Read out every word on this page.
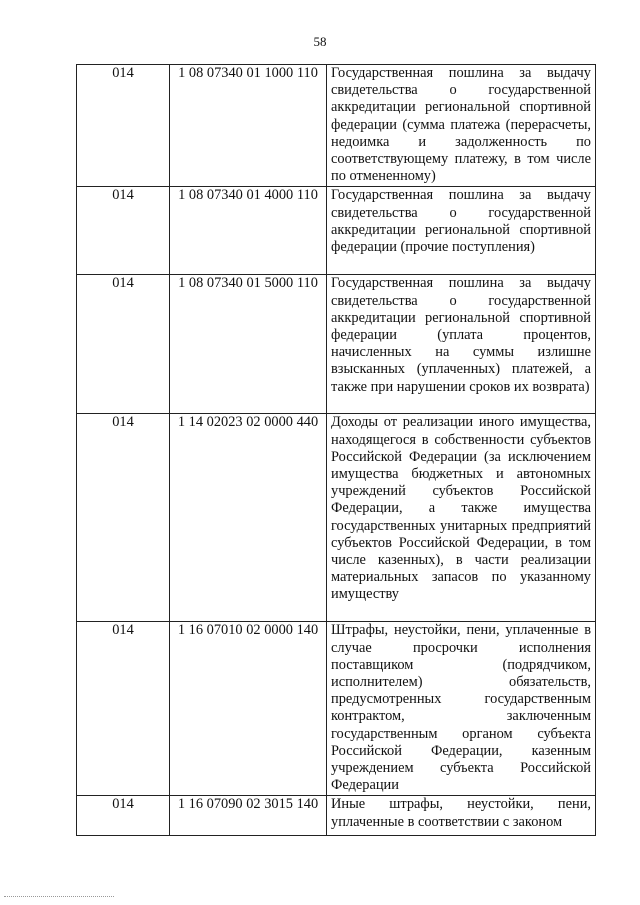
58
014	1 08 07340 01 1000 110	Государственная пошлина за выдачу свидетельства о государственной аккредитации региональной спортивной федерации (сумма платежа (перерасчеты, недоимка и задолженность по соответствующему платежу, в том числе по отмененному)
014	1 08 07340 01 4000 110	Государственная пошлина за выдачу свидетельства о государственной аккредитации региональной спортивной федерации (прочие поступления)
014	1 08 07340 01 5000 110	Государственная пошлина за выдачу свидетельства о государственной аккредитации региональной спортивной федерации (уплата процентов, начисленных на суммы излишне взысканных (уплаченных) платежей, а также при нарушении сроков их возврата)
014	1 14 02023 02 0000 440	Доходы от реализации иного имущества, находящегося в собственности субъектов Российской Федерации (за исключением имущества бюджетных и автономных учреждений субъектов Российской Федерации, а также имущества государственных унитарных предприятий субъектов Российской Федерации, в том числе казенных), в части реализации материальных запасов по указанному имуществу
014	1 16 07010 02 0000 140	Штрафы, неустойки, пени, уплаченные в случае просрочки исполнения поставщиком (подрядчиком, исполнителем) обязательств, предусмотренных государственным контрактом, заключенным государственным органом субъекта Российской Федерации, казенным учреждением субъекта Российской Федерации
014	1 16 07090 02 3015 140	Иные штрафы, неустойки, пени, уплаченные в соответствии с законом
